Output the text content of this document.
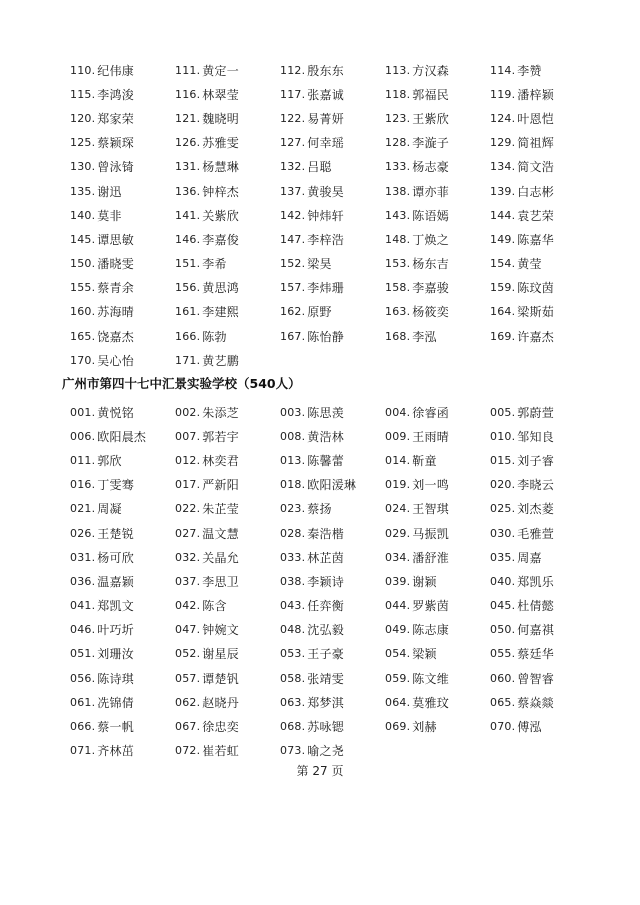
110. 纪伟康	111. 黄定一	112. 殷东东	113. 方汉森	114. 李赞
115. 李鸿浚	116. 林翠莹	117. 张嘉诚	118. 郭福民	119. 潘梓颖
120. 郑家荣	121. 魏晓明	122. 易菁妍	123. 王紫欣	124. 叶恩恺
125. 蔡颖琛	126. 苏雅雯	127. 何幸瑶	128. 李漩子	129. 简祖辉
130. 曾泳锜	131. 杨慧琳	132. 吕聪	133. 杨志豪	134. 简文浩
135. 谢迅	136. 钟梓杰	137. 黄骏昊	138. 谭亦菲	139. 白志彬
140. 莫非	141. 关紫欣	142. 钟炜轩	143. 陈语嫣	144. 袁艺荣
145. 谭思敏	146. 李嘉俊	147. 李梓浩	148. 丁焕之	149. 陈嘉华
150. 潘晓雯	151. 李希	152. 梁昊	153. 杨东吉	154. 黄莹
155. 蔡青余	156. 黄思鸿	157. 李炜珊	158. 李嘉骏	159. 陈玟茵
160. 苏海晴	161. 李建熙	162. 原野	163. 杨筱奕	164. 梁斯茹
165. 饶嘉杰	166. 陈勃	167. 陈怡静	168. 李泓	169. 许嘉杰
170. 吴心怡	171. 黄艺鹏
广州市第四十七中汇景实验学校（540人）
001. 黄悦铭	002. 朱添芝	003. 陈思羡	004. 徐睿函	005. 郭蔚萱
006. 欧阳晨杰	007. 郭若宇	008. 黄浩林	009. 王雨晴	010. 邹知良
011. 郭欣	012. 林奕君	013. 陈馨蕾	014. 靳童	015. 刘子睿
016. 丁雯骞	017. 严新阳	018. 欧阳湲琳	019. 刘一鸣	020. 李晓云
021. 周凝	022. 朱芷莹	023. 蔡扬	024. 王智琪	025. 刘杰菱
026. 王楚锐	027. 温文慧	028. 秦浩楷	029. 马振凯	030. 毛雅萱
031. 杨可欣	032. 关晶允	033. 林芷茵	034. 潘舒淮	035. 周嘉
036. 温嘉颖	037. 李思卫	038. 李颖诗	039. 谢颖	040. 郑凯乐
041. 郑凯文	042. 陈含	043. 任弈衡	044. 罗紫茵	045. 杜倩懿
046. 叶巧圻	047. 钟婉文	048. 沈弘毅	049. 陈志康	050. 何嘉祺
051. 刘珊汝	052. 谢星辰	053. 王子豪	054. 梁颖	055. 蔡廷华
056. 陈诗琪	057. 谭楚钒	058. 张靖雯	059. 陈文维	060. 曾智睿
061. 冼锦倩	062. 赵晓丹	063. 郑梦淇	064. 莫雅玟	065. 蔡焱燚
066. 蔡一帆	067. 徐忠奕	068. 苏咏锶	069. 刘赫	070. 傅泓
071. 齐林茁	072. 崔若虹	073. 喻之尧
第 27 页
